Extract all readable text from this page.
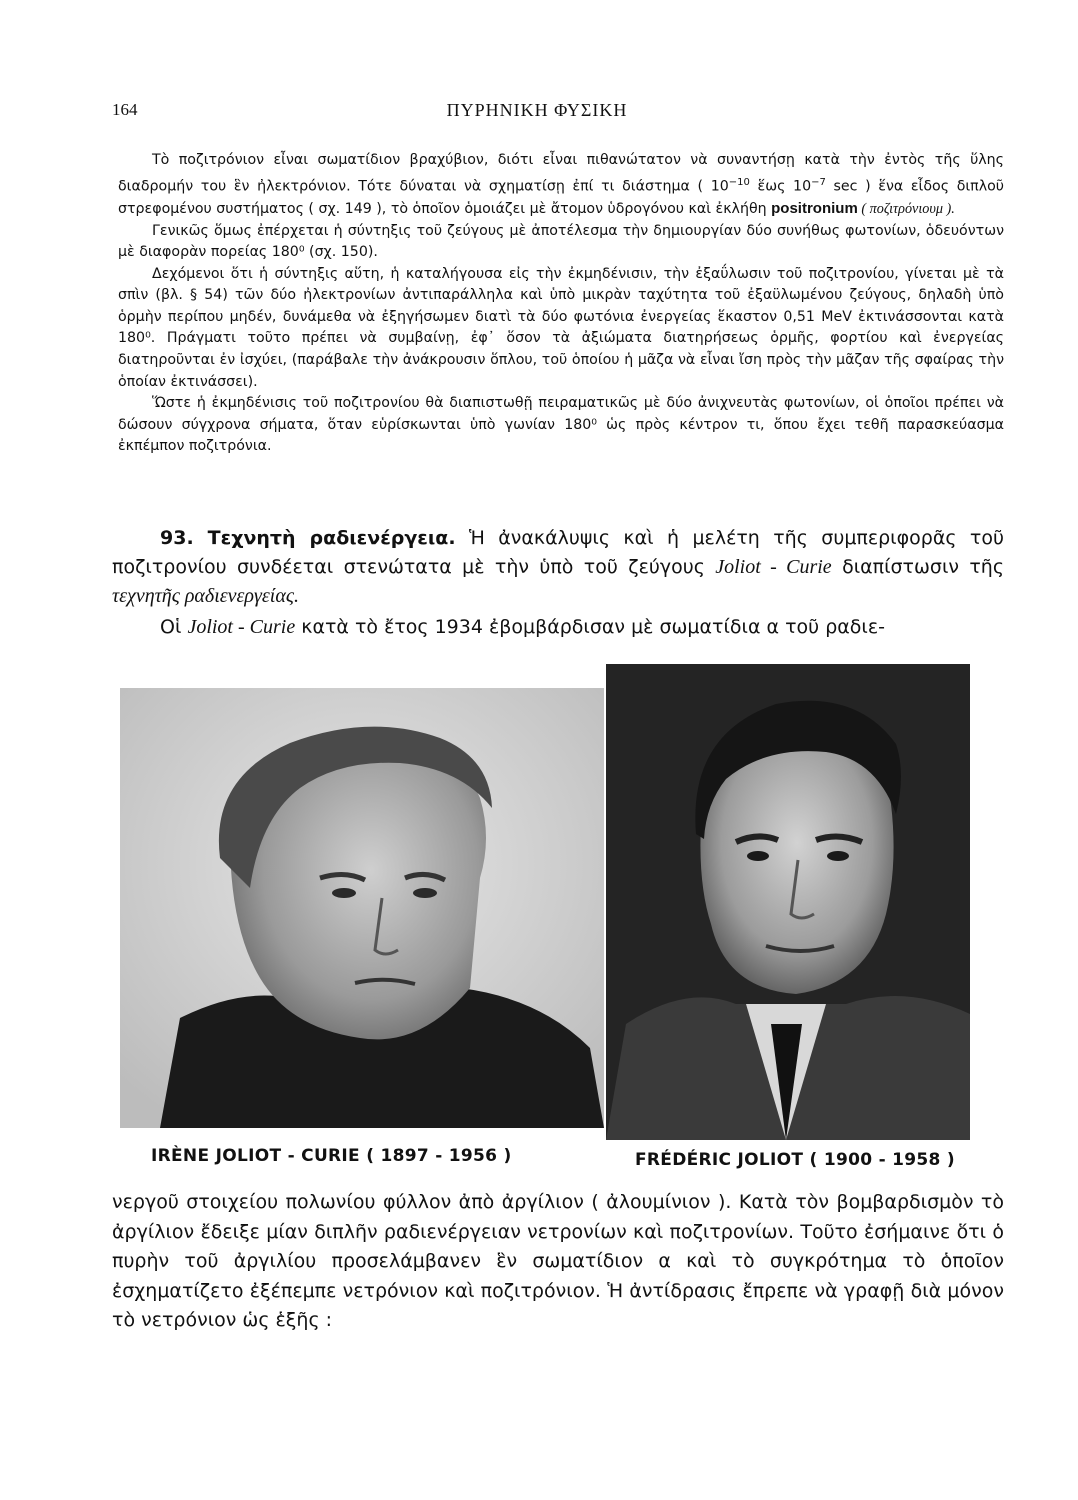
164	ΠΥΡΗΝΙΚΗ ΦΥΣΙΚΗ

Τὸ ποζιτρόνιον εἶναι σωματίδιον βραχύβιον, διότι εἶναι πιθανώτατον νὰ συναντήσῃ κατὰ τὴν ἐντὸς τῆς ὕλης διαδρομήν του ἓν ἠλεκτρόνιον. Τότε δύναται νὰ σχηματίσῃ ἐπί τι διάστημα ( $10^{-10}$ ἕως $10^{-7}$ sec ) ἕνα εἶδος διπλοῦ στρεφομένου συστήματος ( σχ. 149 ), τὸ ὁποῖον ὁμοιάζει μὲ ἄτομον ὑδρογόνου καὶ ἐκλήθη positronium ( ποζιτρόνιουμ ).

Γενικῶς ὅμως ἐπέρχεται ἡ σύντηξις τοῦ ζεύγους μὲ ἀποτέλεσμα τὴν δημιουργίαν δύο συνήθως φωτονίων, ὁδευόντων μὲ διαφορὰν πορείας 180⁰ (σχ. 150).

Δεχόμενοι ὅτι ἡ σύντηξις αὕτη, ἡ καταλήγουσα εἰς τὴν ἐκμηδένισιν, τὴν ἐξαΰλωσιν τοῦ ποζιτρονίου, γίνεται μὲ τὰ σπὶν (βλ. § 54) τῶν δύο ἠλεκτρονίων ἀντιπαράλληλα καὶ ὑπὸ μικρὰν ταχύτητα τοῦ ἐξαϋλωμένου ζεύγους, δηλαδὴ ὑπὸ ὁρμὴν περίπου μηδέν, δυνάμεθα νὰ ἐξηγήσωμεν διατὶ τὰ δύο φωτόνια ἐνεργείας ἕκαστον 0,51 MeV ἐκτινάσσονται κατὰ 180⁰. Πράγματι τοῦτο πρέπει νὰ συμβαίνῃ, ἐφ᾽ ὅσον τὰ ἀξιώματα διατηρήσεως ὁρμῆς, φορτίου καὶ ἐνεργείας διατηροῦνται ἐν ἰσχύει, (παράβαλε τὴν ἀνάκρουσιν ὅπλου, τοῦ ὁποίου ἡ μᾶζα νὰ εἶναι ἴση πρὸς τὴν μᾶζαν τῆς σφαίρας τὴν ὁποίαν ἐκτινάσσει).

Ὥστε ἡ ἐκμηδένισις τοῦ ποζιτρονίου θὰ διαπιστωθῇ πειραματικῶς μὲ δύο ἀνιχνευτὰς φωτονίων, οἱ ὁποῖοι πρέπει νὰ δώσουν σύγχρονα σήματα, ὅταν εὑρίσκωνται ὑπὸ γωνίαν 180⁰ ὡς πρὸς κέντρον τι, ὅπου ἔχει τεθῆ παρασκεύασμα ἐκπέμπον ποζιτρόνια.

93. Τεχνητὴ ραδιενέργεια. Ἡ ἀνακάλυψις καὶ ἡ μελέτη τῆς συμπεριφορᾶς τοῦ ποζιτρονίου συνδέεται στενώτατα μὲ τὴν ὑπὸ τοῦ ζεύγους Joliot - Curie διαπίστωσιν τῆς τεχνητῆς ραδιενεργείας.

Οἱ Joliot - Curie κατὰ τὸ ἔτος 1934 ἐβομβάρδισαν μὲ σωματίδια α τοῦ ραδιε-

IRÈNE JOLIOT - CURIE ( 1897 - 1956 )	FRÉDÉRIC JOLIOT ( 1900 - 1958 )

νεργοῦ στοιχείου πολωνίου φύλλον ἀπὸ ἀργίλιον ( ἀλουμίνιον ). Κατὰ τὸν βομβαρδισμὸν τὸ ἀργίλιον ἔδειξε μίαν διπλῆν ραδιενέργειαν νετρονίων καὶ ποζιτρονίων. Τοῦτο ἐσήμαινε ὅτι ὁ πυρὴν τοῦ ἀργιλίου προσελάμβανεν ἓν σωματίδιον α καὶ τὸ συγκρότημα τὸ ὁποῖον ἐσχηματίζετο ἐξέπεμπε νετρόνιον καὶ ποζιτρόνιον. Ἡ ἀντίδρασις ἔπρεπε νὰ γραφῇ διὰ μόνον τὸ νετρόνιον ὡς ἑξῆς :
